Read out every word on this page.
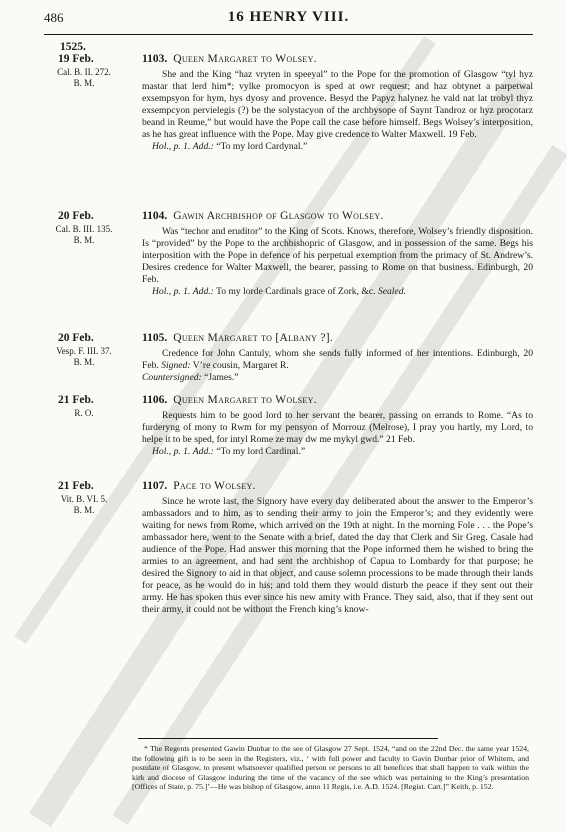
486	16 HENRY VIII.
1525.
19 Feb.
Cal. B. II. 272.
B. M.
1103. Queen Margaret to Wolsey.

She and the King “haz vryten in speeyal” to the Pope for the promotion of Glasgow “tyl hyz mastar that lerd him*; vylke promocyon is sped at owr request; and haz obtynet a parpetwal exsempsyon for hym, hys dyosy and provence. Besyd the Papyz halynez he vald nat lat trobyl thyz exsempcyon pervielegis (?) be the solystacyon of the archbysope of Saynt Tandroz or hyz procotarz beand in Reume,” but would have the Pope call the case before himself. Begs Wolsey’s interposition, as he has great influence with the Pope. May give credence to Walter Maxwell. 19 Feb.

Hol., p. 1. Add.: “To my lord Cardynal.”

20 Feb.
Cal. B. III. 135.
B. M.
1104. Gawin Archbishop of Glasgow to Wolsey.

Was “techor and eruditor” to the King of Scots. Knows, therefore, Wolsey’s friendly disposition. Is “provided” by the Pope to the archbishopric of Glasgow, and in possession of the same. Begs his interposition with the Pope in defence of his perpetual exemption from the primacy of St. Andrew’s. Desires credence for Walter Maxwell, the bearer, passing to Rome on that business. Edinburgh, 20 Feb.

Hol., p. 1. Add.: To my lorde Cardinals grace of Zork, &c. Sealed.

20 Feb.
Vesp. F. III. 37.
B. M.
1105. Queen Margaret to [Albany ?].

Credence for John Cantuly, whom she sends fully informed of her intentions. Edinburgh, 20 Feb. Signed: V’re cousin, Margaret R.
Countersigned: “James.”

21 Feb.
R. O.
1106. Queen Margaret to Wolsey.

Requests him to be good lord to her servant the bearer, passing on errands to Rome. “As to furderyng of mony to Rwm for my pensyon of Morrouz (Melrose), I pray you hartly, my Lord, to helpe it to be sped, for intyl Rome ze may dw me mykyl gwd.” 21 Feb.

Hol., p. 1. Add.: “To my lord Cardinal.”

21 Feb.
Vit. B. VI. 5.
B. M.
1107. Pace to Wolsey.

Since he wrote last, the Signory have every day deliberated about the answer to the Emperor’s ambassadors and to him, as to sending their army to join the Emperor’s; and they evidently were waiting for news from Rome, which arrived on the 19th at night. In the morning Fole . . . the Pope’s ambassador here, went to the Senate with a brief, dated the day that Clerk and Sir Greg. Casale had audience of the Pope. Had answer this morning that the Pope informed them he wished to bring the armies to an agreement, and had sent the archbishop of Capua to Lombardy for that purpose; he desired the Signory to aid in that object, and cause solemn processions to be made through their lands for peace, as he would do in his; and told them they would disturb the peace if they sent out their army. He has spoken thus ever since his new amity with France. They said, also, that if they sent out their army, it could not be without the French king’s know-

* The Regents presented Gawin Dunbar to the see of Glasgow 27 Sept. 1524, “and on the 22nd Dec. the same year 1524, the following gift is to be seen in the Registers, viz., ‘ with full power and faculty to Gavin Dunbar prior of Whitern, and postulate of Glasgow, to present whatsoever qualified person or persons to all benefices that shall happen to vaik within the kirk and diocese of Glasgow induring the time of the vacancy of the see which was pertaining to the King’s presentation [Offices of State, p. 75.]’—He was bishop of Glasgow, anno 11 Regis, i.e. A.D. 1524. [Regist. Cart.]” Keith, p. 152.
